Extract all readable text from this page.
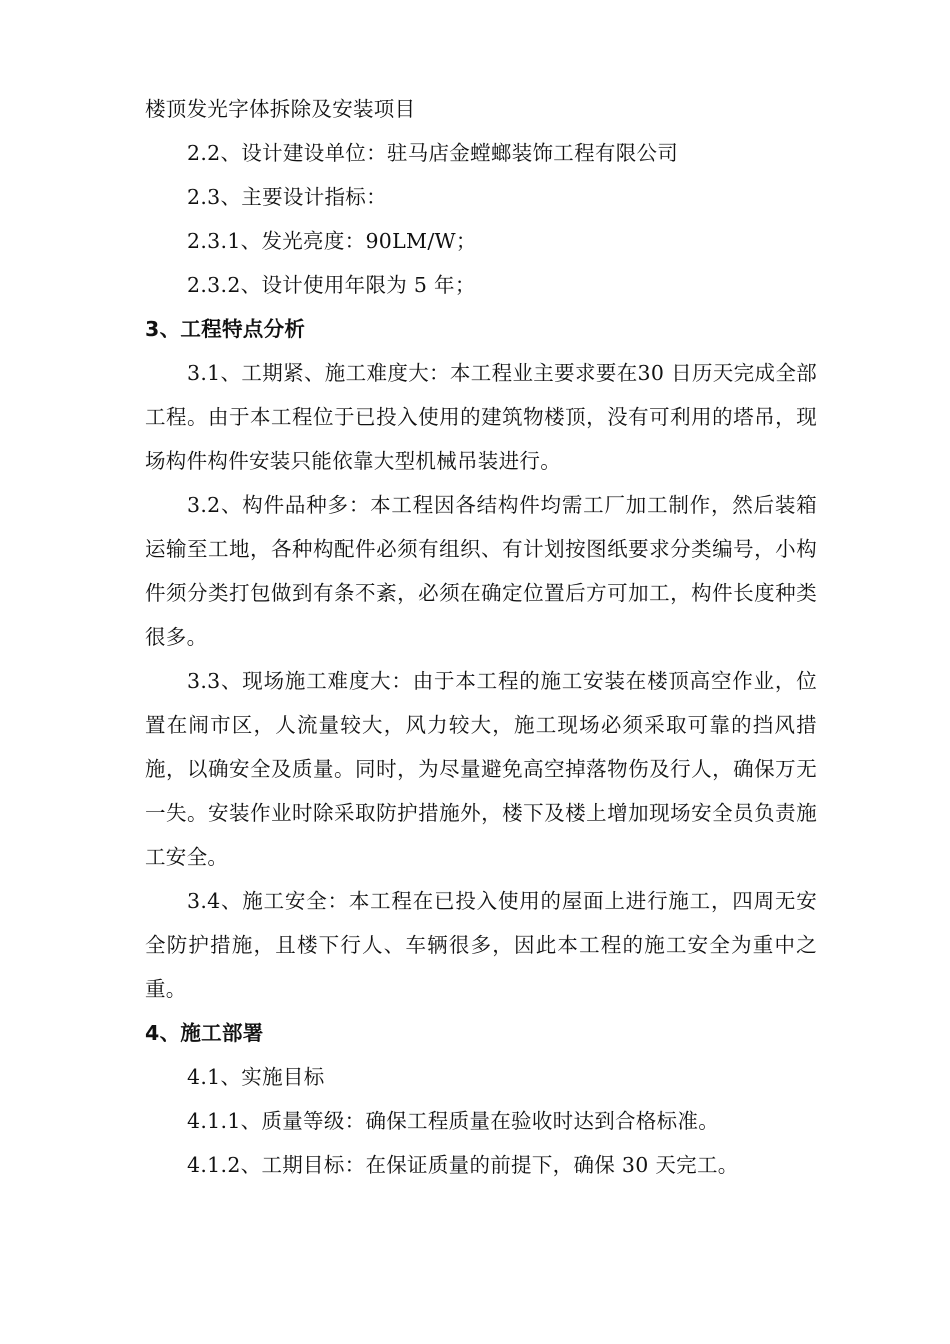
楼顶发光字体拆除及安装项目

2.2、设计建设单位：驻马店金螳螂装饰工程有限公司

2.3、主要设计指标：

2.3.1、发光亮度：90LM/W；

2.3.2、设计使用年限为 5 年；

3、工程特点分析

3.1、工期紧、施工难度大：本工程业主要求要在30 日历天完成全部工程。由于本工程位于已投入使用的建筑物楼顶，没有可利用的塔吊，现场构件构件安装只能依靠大型机械吊装进行。

3.2、构件品种多：本工程因各结构件均需工厂加工制作，然后装箱运输至工地，各种构配件必须有组织、有计划按图纸要求分类编号，小构件须分类打包做到有条不紊，必须在确定位置后方可加工，构件长度种类很多。

3.3、现场施工难度大：由于本工程的施工安装在楼顶高空作业，位置在闹市区，人流量较大，风力较大，施工现场必须采取可靠的挡风措施，以确安全及质量。同时，为尽量避免高空掉落物伤及行人，确保万无一失。安装作业时除采取防护措施外，楼下及楼上增加现场安全员负责施工安全。

3.4、施工安全：本工程在已投入使用的屋面上进行施工，四周无安全防护措施，且楼下行人、车辆很多，因此本工程的施工安全为重中之重。

4、施工部署

4.1、实施目标

4.1.1、质量等级：确保工程质量在验收时达到合格标准。

4.1.2、工期目标：在保证质量的前提下，确保 30 天完工。
